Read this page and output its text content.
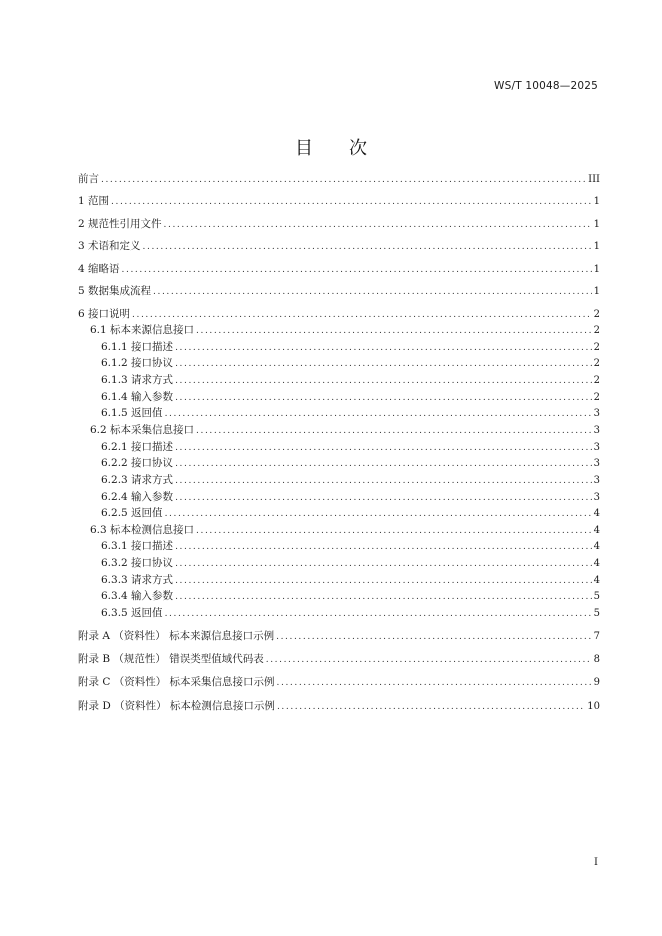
WS/T 10048—2025
目次
前言 .....	III
1 范围 .....	1
2 规范性引用文件 .....	1
3 术语和定义 .....	1
4 缩略语 .....	1
5 数据集成流程 .....	1
6 接口说明 .....	2
6.1 标本来源信息接口 .....	2
6.1.1 接口描述 .....	2
6.1.2 接口协议 .....	2
6.1.3 请求方式 .....	2
6.1.4 输入参数 .....	2
6.1.5 返回值 .....	3
6.2 标本采集信息接口 .....	3
6.2.1 接口描述 .....	3
6.2.2 接口协议 .....	3
6.2.3 请求方式 .....	3
6.2.4 输入参数 .....	3
6.2.5 返回值 .....	4
6.3 标本检测信息接口 .....	4
6.3.1 接口描述 .....	4
6.3.2 接口协议 .....	4
6.3.3 请求方式 .....	4
6.3.4 输入参数 .....	5
6.3.5 返回值 .....	5
附录 A （资料性） 标本来源信息接口示例 .....	7
附录 B （规范性） 错误类型值域代码表 .....	8
附录 C （资料性） 标本采集信息接口示例 .....	9
附录 D （资料性） 标本检测信息接口示例 .....	10
I
